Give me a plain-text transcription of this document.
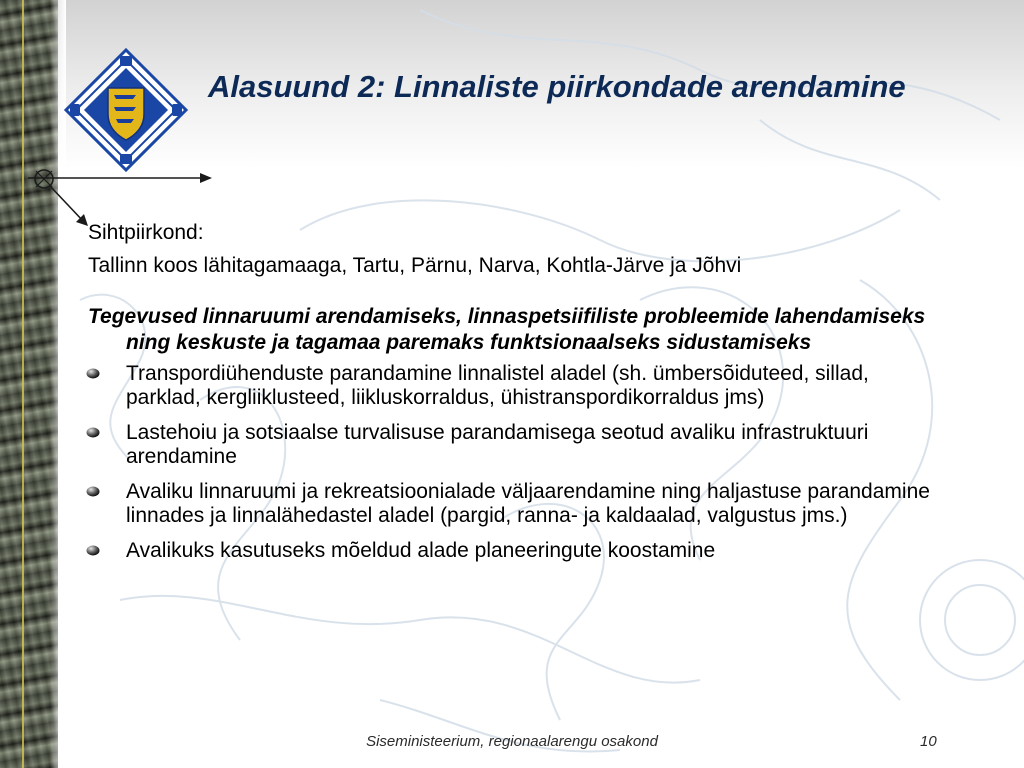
Alasuund 2: Linnaliste piirkondade arendamine
Sihtpiirkond:
Tallinn koos lähitagamaaga, Tartu, Pärnu, Narva, Kohtla-Järve ja Jõhvi
Tegevused linnaruumi arendamiseks, linnaspetsiifiliste probleemide lahendamiseks ning keskuste ja tagamaa paremaks funktsionaalseks sidustamiseks
Transpordiühenduste parandamine linnalistel aladel (sh. ümbersõiduteed, sillad, parklad, kergliiklusteed, liikluskorraldus, ühistranspordikorraldus jms)
Lastehoiu ja sotsiaalse turvalisuse parandamisega seotud avaliku infrastruktuuri arendamine
Avaliku linnaruumi ja rekreatsioonialade väljaarendamine ning haljastuse parandamine linnades ja linnalähedastel aladel (pargid, ranna- ja kaldaalad, valgustus jms.)
Avalikuks kasutuseks mõeldud alade planeeringute koostamine
Siseministeerium, regionaalarengu osakond	10
